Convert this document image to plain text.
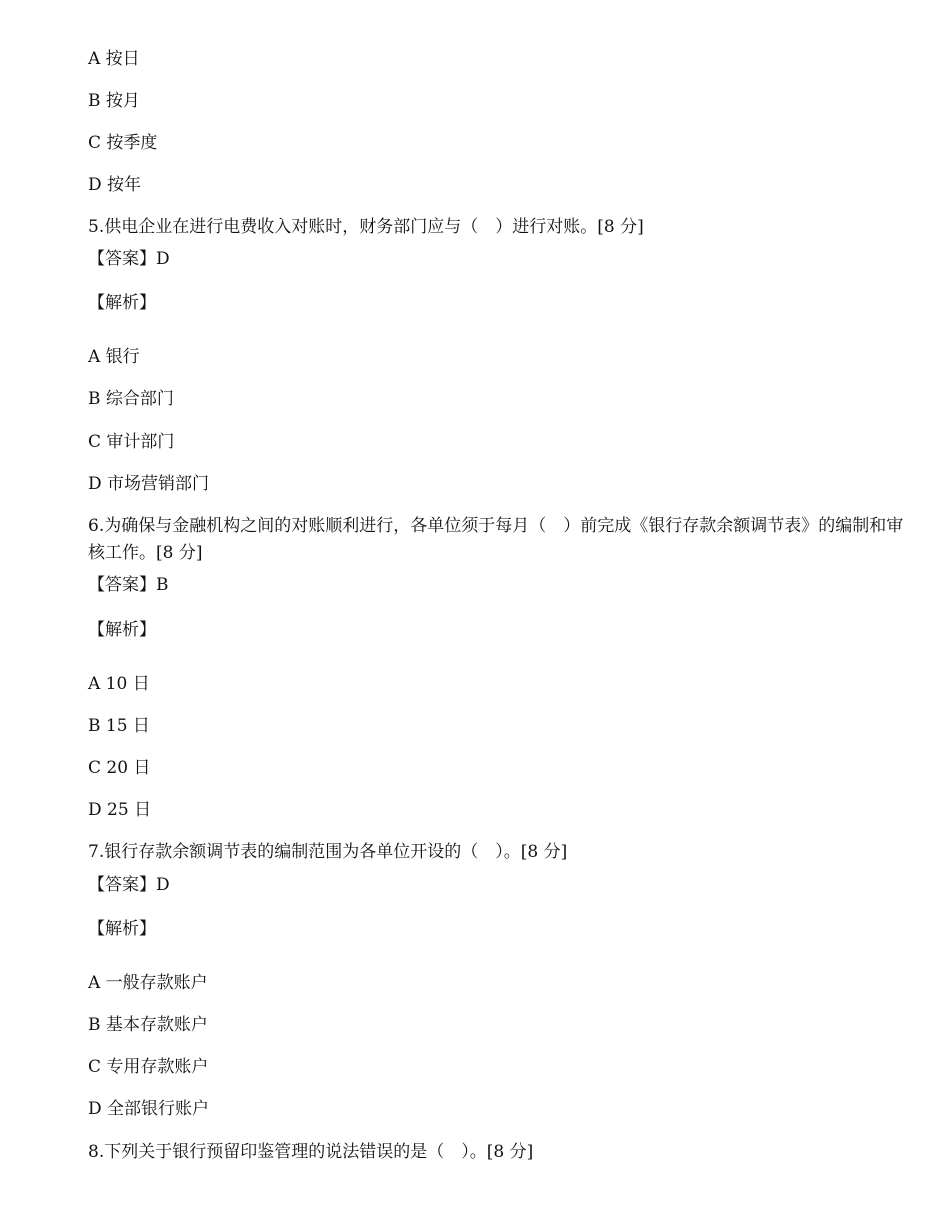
A 按日
B 按月
C 按季度
D 按年
5.供电企业在进行电费收入对账时，财务部门应与（　）进行对账。[8 分]
【答案】D
【解析】
A 银行
B 综合部门
C 审计部门
D 市场营销部门
6.为确保与金融机构之间的对账顺利进行，各单位须于每月（　）前完成《银行存款余额调节表》的编制和审核工作。[8 分]
【答案】B
【解析】
A 10 日
B 15 日
C 20 日
D 25 日
7.银行存款余额调节表的编制范围为各单位开设的（　）。[8 分]
【答案】D
【解析】
A 一般存款账户
B 基本存款账户
C 专用存款账户
D 全部银行账户
8.下列关于银行预留印鉴管理的说法错误的是（　）。[8 分]
